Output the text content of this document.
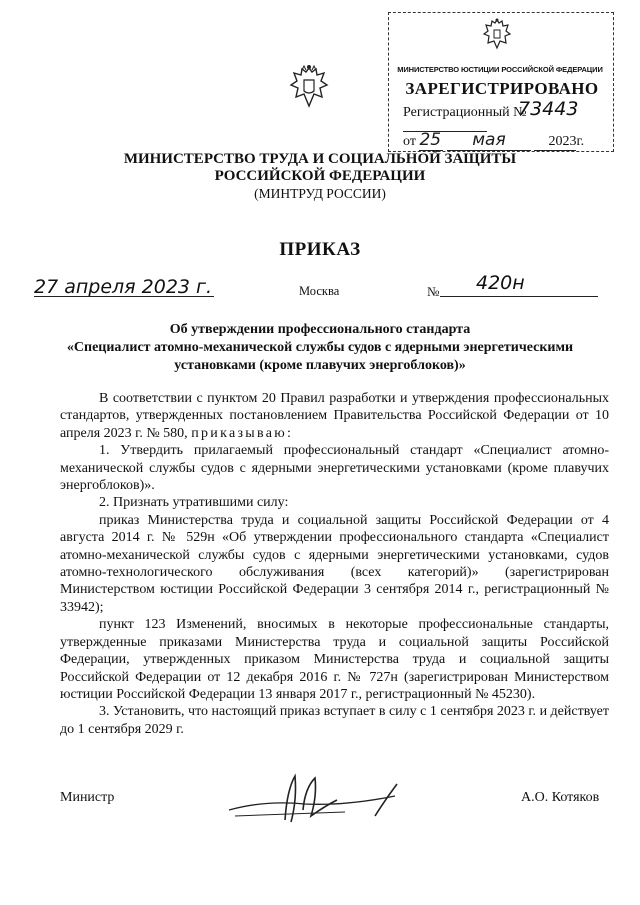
МИНИСТЕРСТВО ЮСТИЦИИ РОССИЙСКОЙ ФЕДЕРАЦИИ
ЗАРЕГИСТРИРОВАНО
Регистрационный №
73443
от 25 мая	2023г.
МИНИСТЕРСТВО ТРУДА И СОЦИАЛЬНОЙ ЗАЩИТЫ
РОССИЙСКОЙ ФЕДЕРАЦИИ
(МИНТРУД РОССИИ)
ПРИКАЗ
27 апреля 2023 г.	Москва	№ 420н
Об утверждении профессионального стандарта
«Специалист атомно-механической службы судов с ядерными энергетическими
установками (кроме плавучих энергоблоков)»

В соответствии с пунктом 20 Правил разработки и утверждения профессиональных стандартов, утвержденных постановлением Правительства Российской Федерации от 10 апреля 2023 г. № 580, приказываю:

1. Утвердить прилагаемый профессиональный стандарт «Специалист атомно-механической службы судов с ядерными энергетическими установками (кроме плавучих энергоблоков)».

2. Признать утратившими силу:

приказ Министерства труда и социальной защиты Российской Федерации от 4 августа 2014 г. № 529н «Об утверждении профессионального стандарта «Специалист атомно-механической службы судов с ядерными энергетическими установками, судов атомно-технологического обслуживания (всех категорий)» (зарегистрирован Министерством юстиции Российской Федерации 3 сентября 2014 г., регистрационный № 33942);

пункт 123 Изменений, вносимых в некоторые профессиональные стандарты, утвержденные приказами Министерства труда и социальной защиты Российской Федерации, утвержденных приказом Министерства труда и социальной защиты Российской Федерации от 12 декабря 2016 г. № 727н (зарегистрирован Министерством юстиции Российской Федерации 13 января 2017 г., регистрационный № 45230).

3. Установить, что настоящий приказ вступает в силу с 1 сентября 2023 г. и действует до 1 сентября 2029 г.

Министр	А.О. Котяков
